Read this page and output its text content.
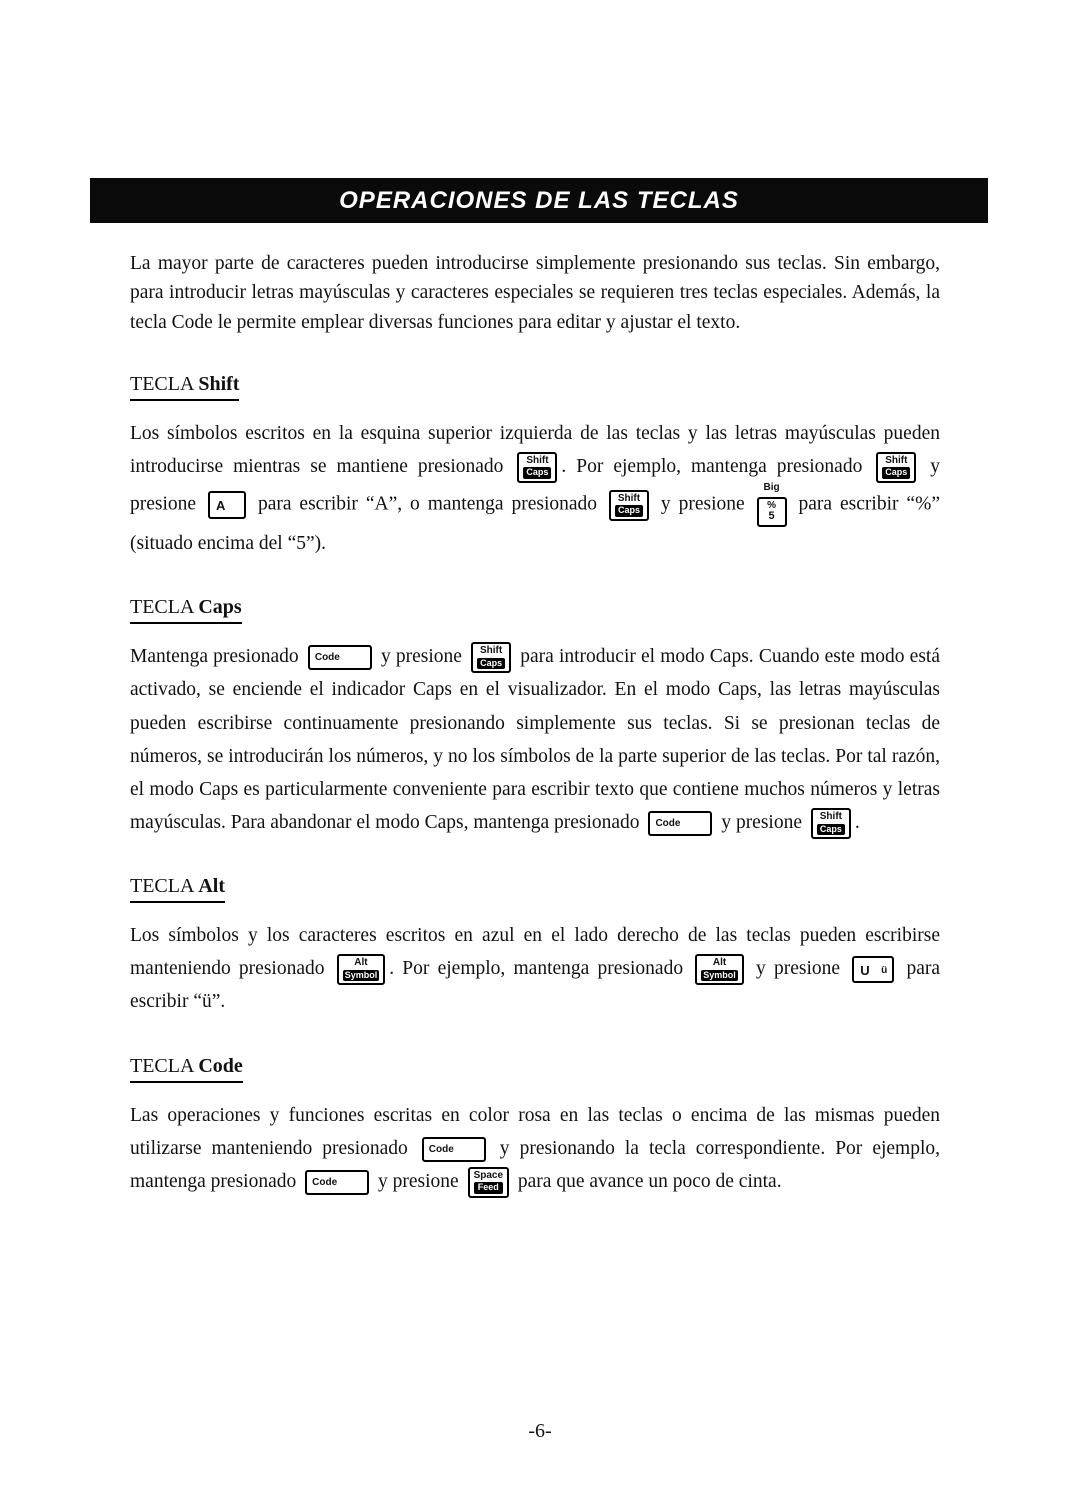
OPERACIONES DE LAS TECLAS

La mayor parte de caracteres pueden introducirse simplemente presionando sus teclas. Sin embargo, para introducir letras mayúsculas y caracteres especiales se requieren tres teclas especiales. Además, la tecla Code le permite emplear diversas funciones para editar y ajustar el texto.

TECLA Shift

Los símbolos escritos en la esquina superior izquierda de las teclas y las letras mayúsculas pueden introducirse mientras se mantiene presionado Shift
Caps . Por ejemplo, mantenga presionado Shift
Caps y presione A para escribir “A”, o mantenga presionado Shift
Caps y presione
Big
%
5
para escribir “%” (situado encima del “5”).

TECLA Caps

Mantenga presionado Code y presione Shift
Caps para introducir el modo Caps. Cuando este modo está activado, se enciende el indicador Caps en el visualizador. En el modo Caps, las letras mayúsculas pueden escribirse continuamente presionando simplemente sus teclas. Si se presionan teclas de números, se introducirán los números, y no los símbolos de la parte superior de las teclas. Por tal razón, el modo Caps es particularmente conveniente para escribir texto que contiene muchos números y letras mayúsculas. Para abandonar el modo Caps, mantenga presionado Code y presione Shift
Caps .

TECLA Alt

Los símbolos y los caracteres escritos en azul en el lado derecho de las teclas pueden escribirse manteniendo presionado	Alt
Symbol . Por ejemplo, mantenga presionado	Alt
Symbol y presione U ü para escribir “ü”.

TECLA Code

Las operaciones y funciones escritas en color rosa en las teclas o encima de las mismas pueden utilizarse manteniendo presionado Code y presionando la tecla correspondiente. Por ejemplo, mantenga presionado Code y presione Space
Feed para que avance un poco de cinta.

-6-
